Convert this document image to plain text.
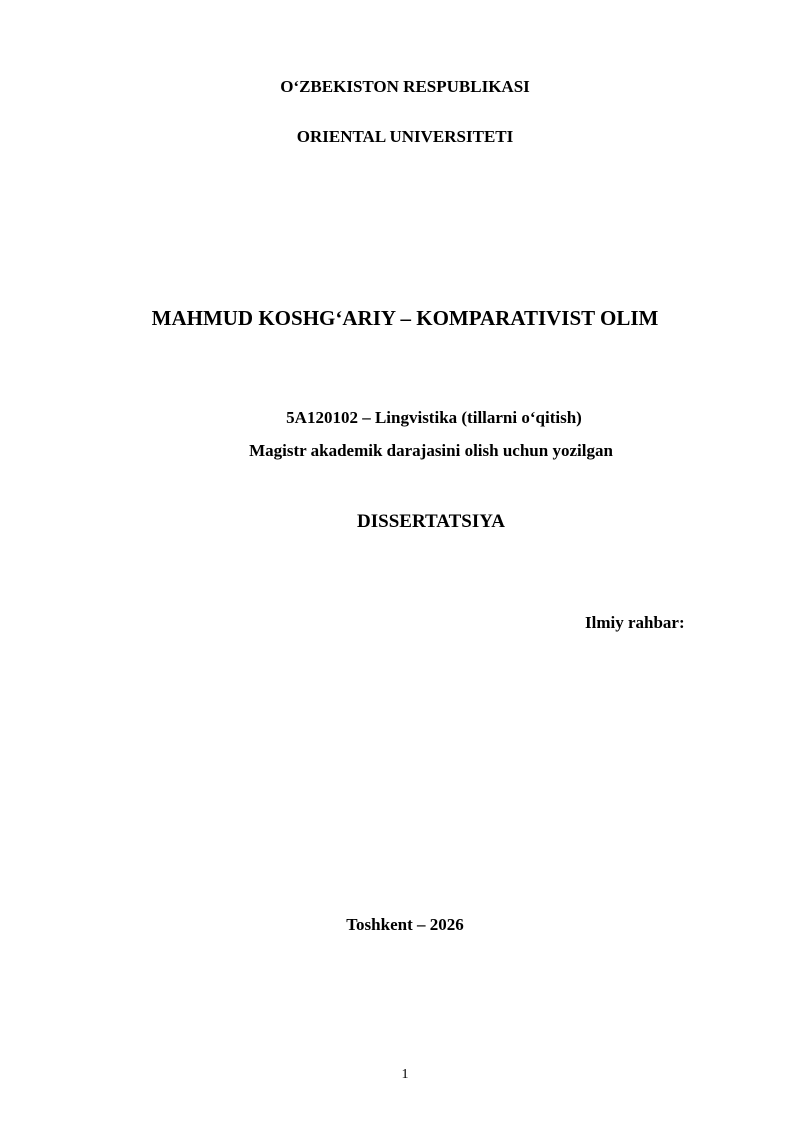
O‘ZBEKISTON RESPUBLIKASI
ORIENTAL UNIVERSITETI
MAHMUD KOSHG‘ARIY – KOMPARATIVIST OLIM
5A120102 – Lingvistika (tillarni o‘qitish)
Magistr akademik darajasini olish uchun yozilgan
DISSERTATSIYA
Ilmiy rahbar:
Toshkent – 2026
1
